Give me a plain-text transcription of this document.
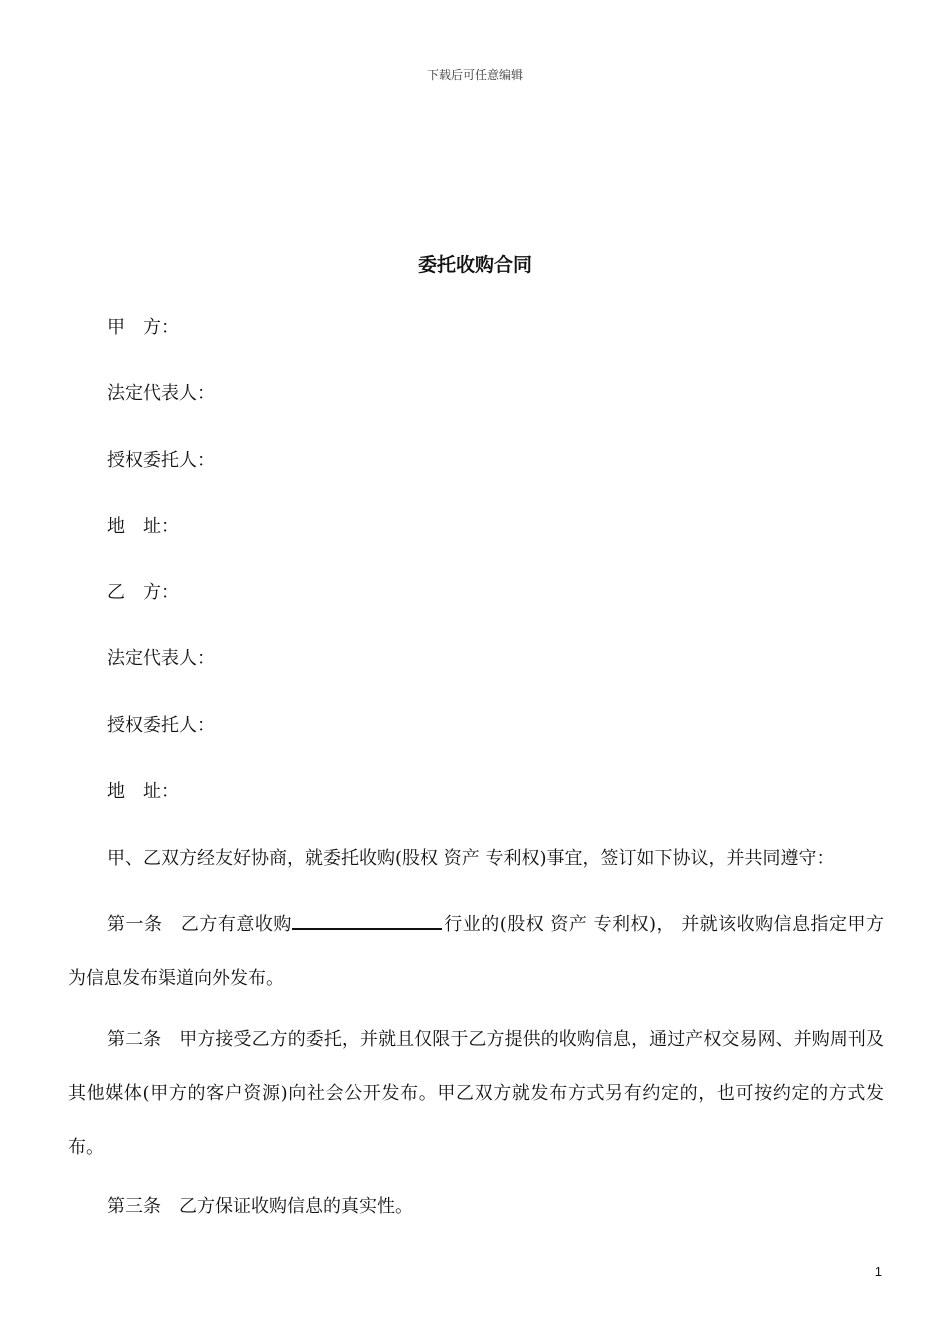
下载后可任意编辑
委托收购合同
甲　方：
法定代表人：
授权委托人：
地　址：
乙　方：
法定代表人：
授权委托人：
地　址：
甲、乙双方经友好协商，就委托收购(股权 资产 专利权)事宜，签订如下协议，并共同遵守：
第一条　乙方有意收购	行业的(股权 资产 专利权)， 并就该收购信息指定甲方为信息发布渠道向外发布。
第二条　甲方接受乙方的委托，并就且仅限于乙方提供的收购信息，通过产权交易网、并购周刊及其他媒体(甲方的客户资源)向社会公开发布。甲乙双方就发布方式另有约定的，也可按约定的方式发布。
第三条　乙方保证收购信息的真实性。
1
